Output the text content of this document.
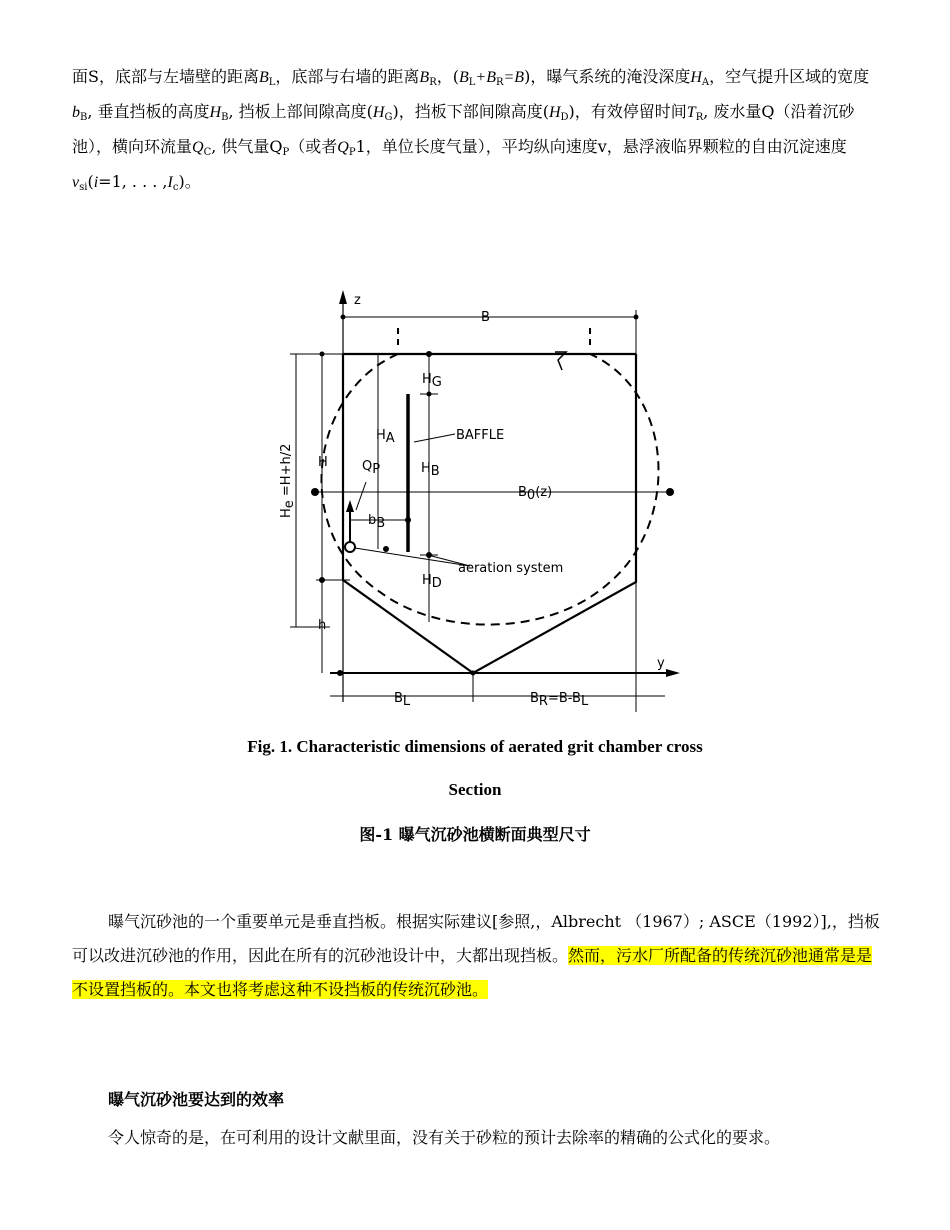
面S，底部与左墙壁的距离$B_L$，底部与右墙的距离$B_R$，$(B_L+B_R=B)$，曝气系统的淹没深度$H_A$，空气提升区域的宽度$b_B$, 垂直挡板的高度$H_B$, 挡板上部间隙高度$(H_G)$，挡板下部间隙高度$(H_D)$，有效停留时间$T_R$, 废水量Q（沿着沉砂池），横向环流量$Q_C$, 供气量$Q_P$（或者$Q_P1$，单位长度气量），平均纵向速度v，悬浮液临界颗粒的自由沉淀速度$v_{si}(i=1$, . . . $,I_c$)。
z
y
B
HG
HA	BAFFLE
H	QP	HB
B0(z)
bB
aeration system
HD
h
He =H+h/2
BL	BR=B-BL
Fig. 1. Characteristic dimensions of aerated grit chamber cross
Section
图-1 曝气沉砂池横断面典型尺寸
曝气沉砂池的一个重要单元是垂直挡板。根据实际建议[参照,，Albrecht （1967）; ASCE（1992）],，挡板可以改进沉砂池的作用，因此在所有的沉砂池设计中，大都出现挡板。然而，污水厂所配备的传统沉砂池通常是是不设置挡板的。本文也将考虑这种不设挡板的传统沉砂池。
曝气沉砂池要达到的效率
令人惊奇的是，在可利用的设计文献里面，没有关于砂粒的预计去除率的精确的公式化的要求。
